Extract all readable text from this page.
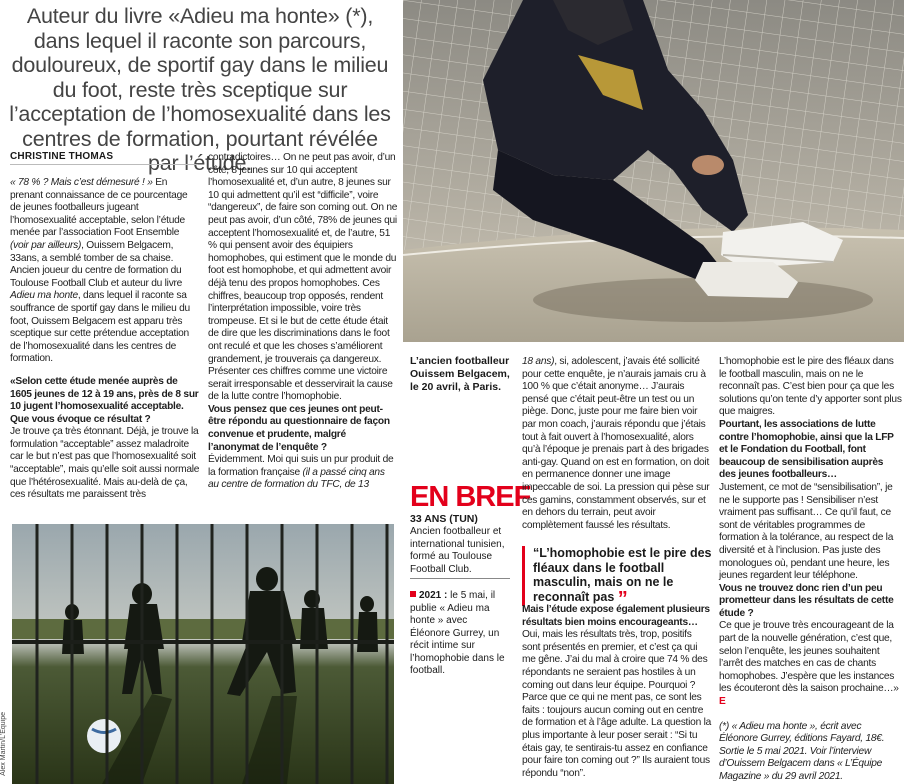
Auteur du livre «Adieu ma honte» (*), dans lequel il raconte son parcours, douloureux, de sportif gay dans le milieu du foot, reste très sceptique sur l’acceptation de l’homosexualité dans les centres de formation, pourtant révélée par l’étude.
CHRISTINE THOMAS

« 78 % ? Mais c’est démesuré ! » En prenant connaissance de ce pourcentage de jeunes footballeurs jugeant l’homosexualité acceptable, selon l’étude menée par l’association Foot Ensemble (voir par ailleurs), Ouissem Belgacem, 33ans, a semblé tomber de sa chaise. Ancien joueur du centre de formation du Toulouse Football Club et auteur du livre Adieu ma honte, dans lequel il raconte sa souffrance de sportif gay dans le milieu du foot, Ouissem Belgacem est apparu très sceptique sur cette prétendue acceptation de l’homosexualité dans les centres de formation.

«Selon cette étude menée auprès de 1605 jeunes de 12 à 19 ans, près de 8 sur 10 jugent l’homosexualité acceptable. Que vous évoque ce résultat ?

Je trouve ça très étonnant. Déjà, je trouve la formulation “acceptable” assez maladroite car le but n’est pas que l’homosexualité soit “acceptable”, mais qu’elle soit aussi normale que l’hétérosexualité. Mais au-delà de ça, ces résultats me paraissent très

contradictoires… On ne peut pas avoir, d’un côté, 8 jeunes sur 10 qui acceptent l’homosexualité et, d’un autre, 8 jeunes sur 10 qui admettent qu’il est “difficile”, voire “dangereux”, de faire son coming out. On ne peut pas avoir, d’un côté, 78% de jeunes qui acceptent l’homosexualité et, de l’autre, 51 % qui pensent avoir des équipiers homophobes, qui estiment que le monde du foot est homophobe, et qui admettent avoir déjà tenu des propos homophobes. Ces chiffres, beaucoup trop opposés, rendent l’interprétation impossible, voire très trompeuse. Et si le but de cette étude était de dire que les discriminations dans le foot ont reculé et que les choses s’améliorent grandement, je trouverais ça dangereux. Présenter ces chiffres comme une victoire serait irresponsable et desservirait la cause de la lutte contre l’homophobie.

Vous pensez que ces jeunes ont peut-être répondu au questionnaire de façon convenue et prudente, malgré l’anonymat de l’enquête ?

Évidemment. Moi qui suis un pur produit de la formation française (il a passé cinq ans au centre de formation du TFC, de 13

Alex Martin/L’Équipe
L’ancien footballeur Ouissem Belgacem, le 20 avril, à Paris.
EN BREF
33 ANS (TUN)
Ancien footballeur et international tunisien, formé au Toulouse Football Club.
2021 : le 5 mai, il publie « Adieu ma honte » avec Éléonore Gurrey, un récit intime sur l’homophobie dans le football.

18 ans), si, adolescent, j’avais été sollicité pour cette enquête, je n’aurais jamais cru à 100 % que c’était anonyme… J’aurais pensé que c’était peut-être un test ou un piège. Donc, juste pour me faire bien voir par mon coach, j’aurais répondu que j’étais tout à fait ouvert à l’homosexualité, alors qu’à l’époque je prenais part à des brigades anti-gay. Quand on est en formation, on doit en permanence donner une image impeccable de soi. La pression qui pèse sur ces gamins, constamment observés, sur et en dehors du terrain, peut avoir complètement faussé les résultats.

“L’homophobie est le pire des fléaux dans le football masculin, mais on ne le reconnaît pas ”

Mais l’étude expose également plusieurs résultats bien moins encourageants…

Oui, mais les résultats très, trop, positifs sont présentés en premier, et c’est ça qui me gêne. J’ai du mal à croire que 74 % des répondants ne seraient pas hostiles à un coming out dans leur équipe. Pourquoi ? Parce que ce qui ne ment pas, ce sont les faits : toujours aucun coming out en centre de formation et à l’âge adulte. La question la plus importante à leur poser serait : “Si tu étais gay, te sentirais-tu assez en confiance pour faire ton coming out ?” Ils auraient tous répondu “non”.

L’homophobie est le pire des fléaux dans le football masculin, mais on ne le reconnaît pas. C’est bien pour ça que les solutions qu’on tente d’y apporter sont plus que maigres.

Pourtant, les associations de lutte contre l’homophobie, ainsi que la LFP et le Fondation du Football, font beaucoup de sensibilisation auprès des jeunes footballeurs…

Justement, ce mot de “sensibilisation”, je ne le supporte pas ! Sensibiliser n’est vraiment pas suffisant… Ce qu’il faut, ce sont de véritables programmes de formation à la tolérance, au respect de la diversité et à l’inclusion. Pas juste des monologues où, pendant une heure, les jeunes regardent leur téléphone.

Vous ne trouvez donc rien d’un peu prometteur dans les résultats de cette étude ?

Ce que je trouve très encourageant de la part de la nouvelle génération, c’est que, selon l’enquête, les jeunes souhaitent l’arrêt des matches en cas de chants homophobes. J’espère que les instances les écouteront dès la saison prochaine…» E

(*) « Adieu ma honte », écrit avec Éléonore Gurrey, éditions Fayard, 18€. Sortie le 5 mai 2021. Voir l’interview d’Ouissem Belgacem dans « L’Équipe Magazine » du 29 avril 2021.
